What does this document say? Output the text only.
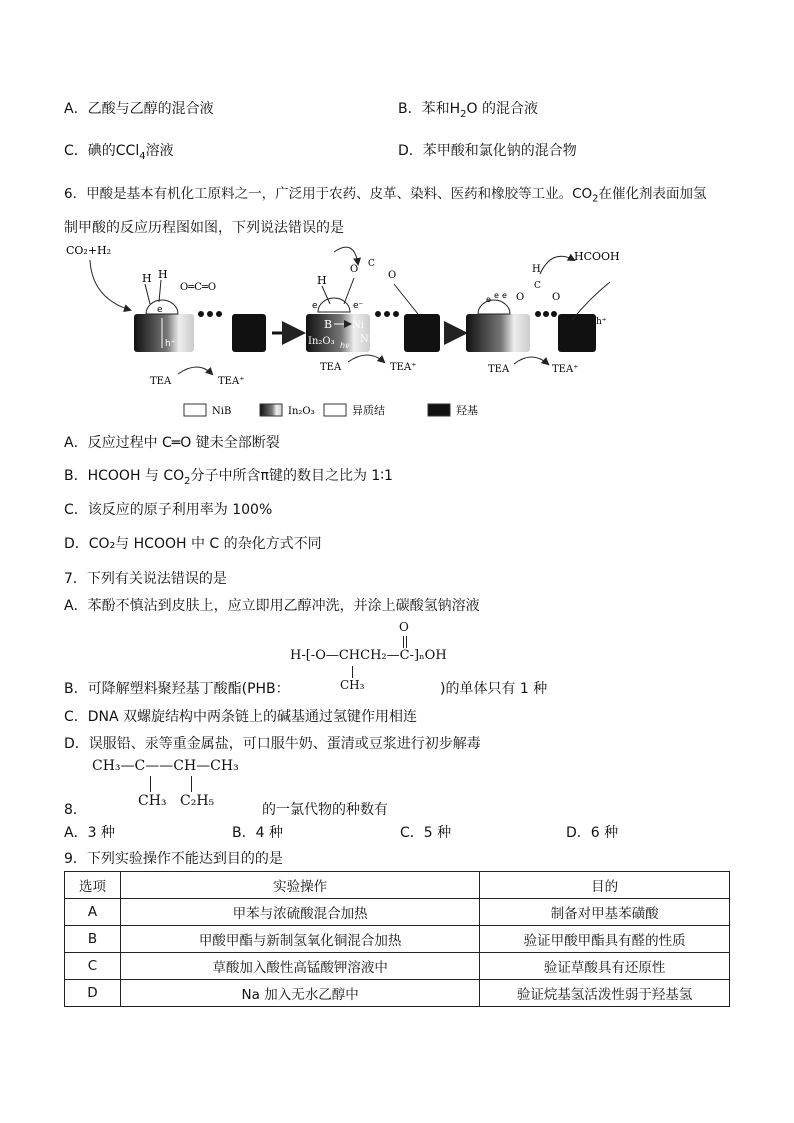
A．乙酸与乙醇的混合液	B．苯和$H_2O$ 的混合液
C．碘的CCl$_4$溶液	D．苯甲酸和氯化钠的混合物
6．甲酸是基本有机化工原料之一，广泛用于农药、皮革、染料、医药和橡胶等工业。$CO_2$在催化剂表面加氢
制甲酸的反应历程图如图，下列说法错误的是
CO₂+H₂
H H
e
O═C═O
h⁺
TEA	TEA⁺
H
e	e⁻
C
O
O
B Ni
In₂O₃	Ni
hν
TEA	TEA⁺
e e e
H
C
O	O
HCOOH
h⁺
TEA	TEA⁺
NiB	In₂O₃	异质结	羟基
A．反应过程中 C═O 键未全部断裂
B．HCOOH 与 $CO_2$分子中所含π键的数目之比为 1∶1
C．该反应的原子利用率为 100%
D．CO₂与 HCOOH 中 C 的杂化方式不同
7．下列有关说法错误的是
A．苯酚不慎沾到皮肤上，应立即用乙醇冲洗，并涂上碳酸氢钠溶液
O
H-[-O—CHCH₂—C-]ₙOH
CH₃
B．可降解塑料聚羟基丁酸酯(PHB：	)的单体只有 1 种
C．DNA 双螺旋结构中两条链上的碱基通过氢键作用相连
D．误服铅、汞等重金属盐，可口服牛奶、蛋清或豆浆进行初步解毒
CH₃—C——CH—CH₃
CH₃ C₂H₅
8．	的一氯代物的种数有
A．3 种	B．4 种	C．5 种	D．6 种
9．下列实验操作不能达到目的的是
选项	实验操作	目的
A	甲苯与浓硫酸混合加热	制备对甲基苯磺酸
B	甲酸甲酯与新制氢氧化铜混合加热	验证甲酸甲酯具有醛的性质
C	草酸加入酸性高锰酸钾溶液中	验证草酸具有还原性
D	Na 加入无水乙醇中	验证烷基氢活泼性弱于羟基氢
